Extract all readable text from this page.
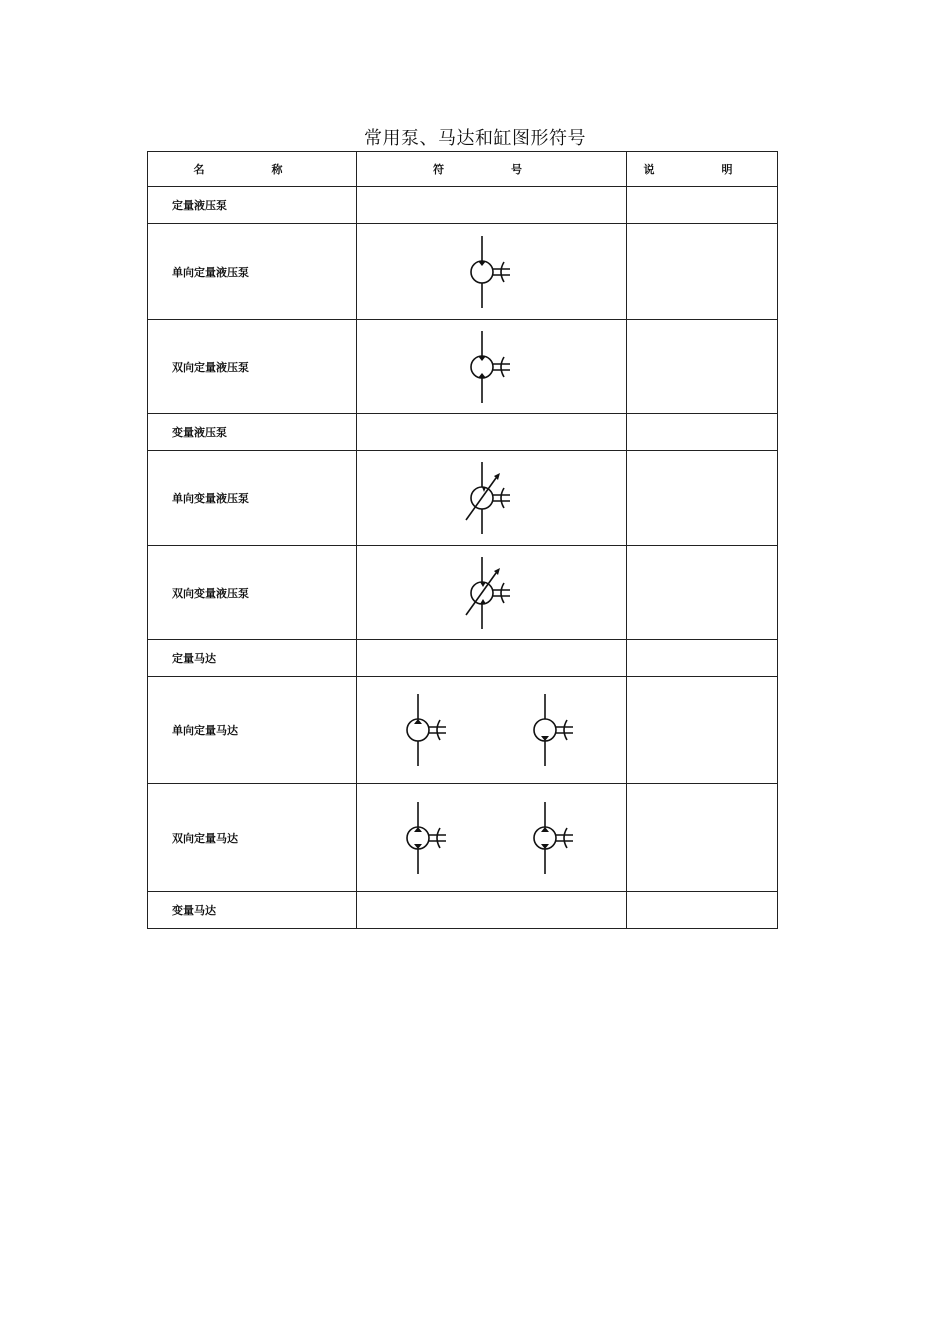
常用泵、马达和缸图形符号
名　称	符　号	说　明
定量液压泵		
单向定量液压泵		
双向定量液压泵		
变量液压泵		
单向变量液压泵		
双向变量液压泵		
定量马达		
单向定量马达		
双向定量马达		
变量马达		
